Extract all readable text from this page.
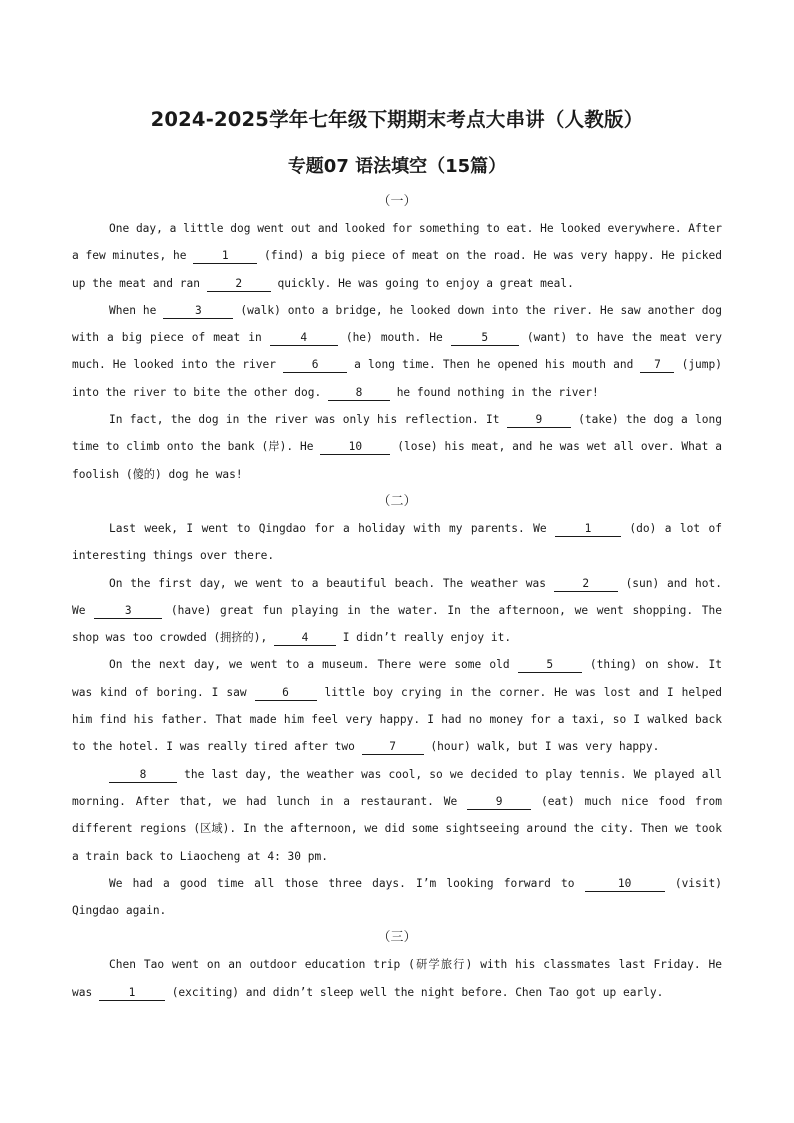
2024-2025学年七年级下期期末考点大串讲（人教版）
专题07 语法填空（15篇）
（一）

One day, a little dog went out and looked for something to eat. He looked everywhere. After a few minutes, he	1	(find) a big piece of meat on the road. He was very happy. He picked up the meat and ran	2	quickly. He was going to enjoy a great meal.

When he	3	(walk) onto a bridge, he looked down into the river. He saw another dog with a big piece of meat in	4	(he) mouth. He	5	(want) to have the meat very much. He looked into the river	6	a long time. Then he opened his mouth and 7 (jump) into the river to bite the other dog. 8 he found nothing in the river!

In fact, the dog in the river was only his reflection. It	9	(take) the dog a long time to climb onto the bank (岸). He	10	(lose) his meat, and he was wet all over. What a foolish (傻的) dog he was!

（二）

Last week, I went to Qingdao for a holiday with my parents. We	1	(do) a lot of interesting things over there.

On the first day, we went to a beautiful beach. The weather was	2	(sun) and hot. We	3	(have) great fun playing in the water. In the afternoon, we went shopping. The shop was too crowded (拥挤的), 4 I didn’t really enjoy it.

On the next day, we went to a museum. There were some old	5	(thing) on show. It was kind of boring. I saw 6 little boy crying in the corner. He was lost and I helped him find his father. That made him feel very happy. I had no money for a taxi, so I walked back to the hotel. I was really tired after two 7 (hour) walk, but I was very happy.

8	the last day, the weather was cool, so we decided to play tennis. We played all morning. After that, we had lunch in a restaurant. We	9	(eat) much nice food from different regions (区域). In the afternoon, we did some sightseeing around the city. Then we took a train back to Liaocheng at 4: 30 pm.

We had a good time all those three days. I’m looking forward to	10	(visit) Qingdao again.

（三）

Chen Tao went on an outdoor education trip (研学旅行) with his classmates last Friday. He was	1	(exciting) and didn’t sleep well the night before. Chen Tao got up early.
